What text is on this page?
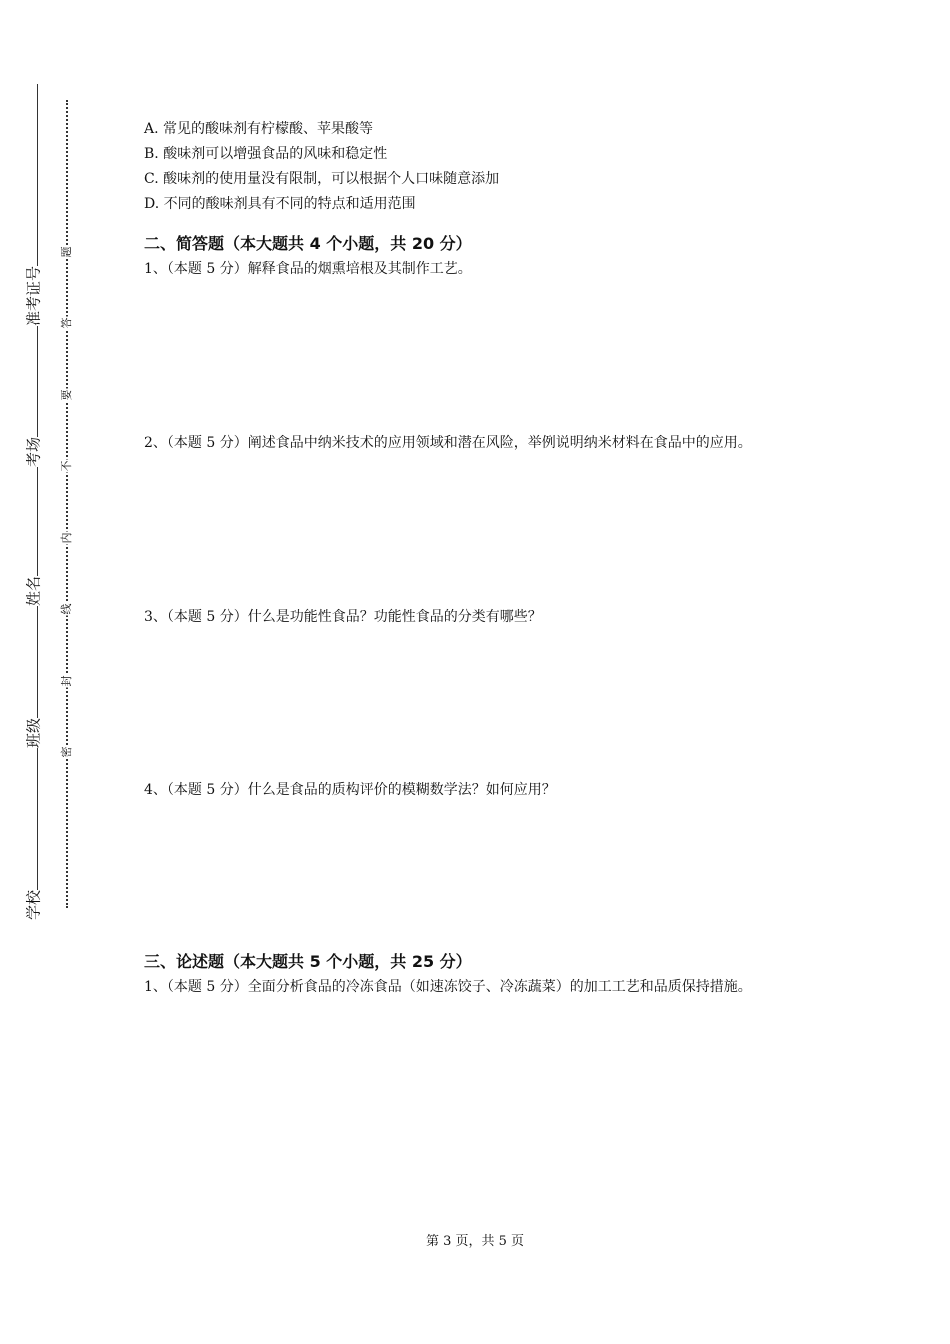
准考证号
考场
姓名
班级
学校
题
答
要
不
内
线
封
密

A. 常见的酸味剂有柠檬酸、苹果酸等

B. 酸味剂可以增强食品的风味和稳定性

C. 酸味剂的使用量没有限制，可以根据个人口味随意添加

D. 不同的酸味剂具有不同的特点和适用范围

二、简答题（本大题共 4 个小题，共 20 分）

1、（本题 5 分）解释食品的烟熏培根及其制作工艺。

2、（本题 5 分）阐述食品中纳米技术的应用领域和潜在风险，举例说明纳米材料在食品中的应用。

3、（本题 5 分）什么是功能性食品？功能性食品的分类有哪些？

4、（本题 5 分）什么是食品的质构评价的模糊数学法？如何应用？

三、论述题（本大题共 5 个小题，共 25 分）

1、（本题 5 分）全面分析食品的冷冻食品（如速冻饺子、冷冻蔬菜）的加工工艺和品质保持措施。

第 3 页，共 5 页
